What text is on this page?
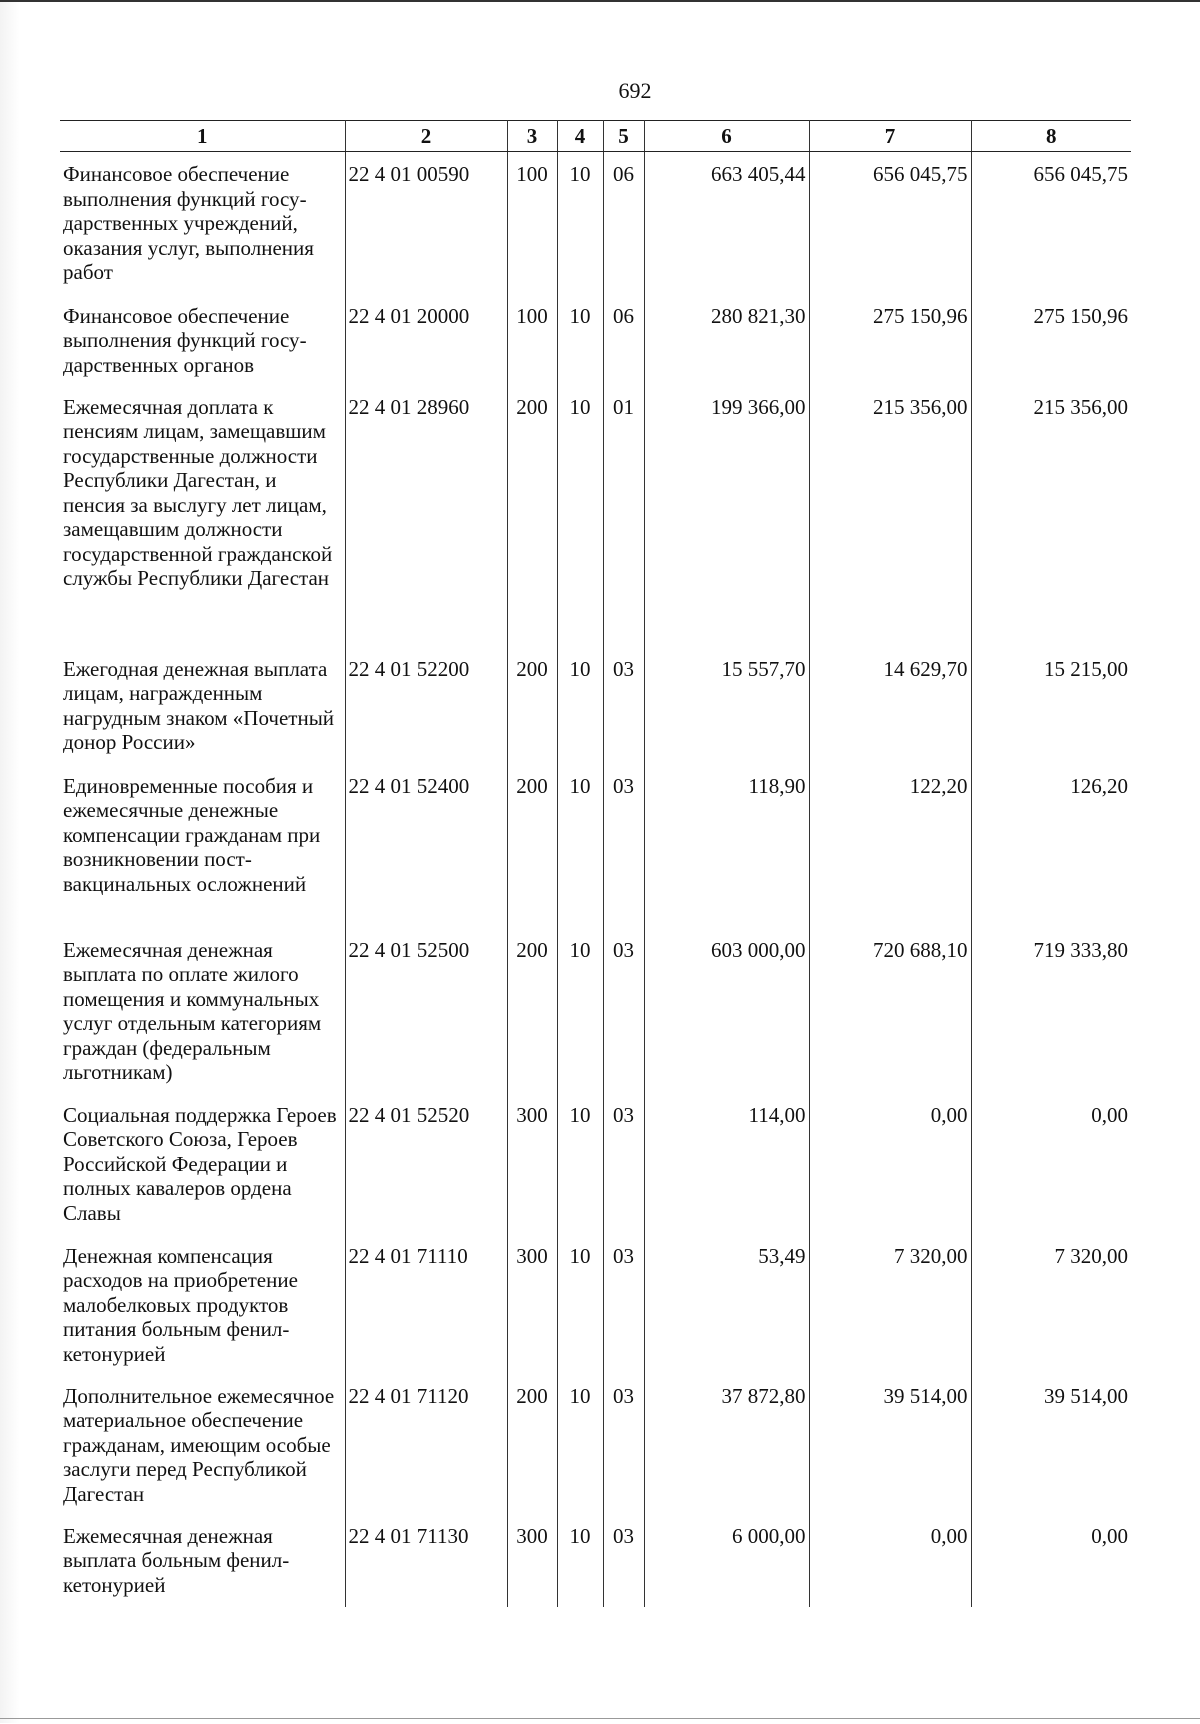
692
1	2	3	4	5	6	7	8
Финансовое обеспечение выполнения функций государственных учреждений, оказания услуг, выполнения работ	22 4 01 00590	100	10	06	663 405,44	656 045,75	656 045,75
Финансовое обеспечение выполнения функций государственных органов	22 4 01 20000	100	10	06	280 821,30	275 150,96	275 150,96
Ежемесячная доплата к пенсиям лицам, замещавшим государственные должности Республики Дагестан, и пенсия за выслугу лет лицам, замещавшим должности государственной гражданской службы Республики Дагестан	22 4 01 28960	200	10	01	199 366,00	215 356,00	215 356,00
Ежегодная денежная выплата лицам, награжденным нагрудным знаком «Почетный донор России»	22 4 01 52200	200	10	03	15 557,70	14 629,70	15 215,00
Единовременные пособия и ежемесячные денежные компенсации гражданам при возникновении поствакцинальных осложнений	22 4 01 52400	200	10	03	118,90	122,20	126,20
Ежемесячная денежная выплата по оплате жилого помещения и коммунальных услуг отдельным категориям граждан (федеральным льготникам)	22 4 01 52500	200	10	03	603 000,00	720 688,10	719 333,80
Социальная поддержка Героев Советского Союза, Героев Российской Федерации и полных кавалеров ордена Славы	22 4 01 52520	300	10	03	114,00	0,00	0,00
Денежная компенсация расходов на приобретение малобелковых продуктов питания больным фенилкетонурией	22 4 01 71110	300	10	03	53,49	7 320,00	7 320,00
Дополнительное ежемесячное материальное обеспечение гражданам, имеющим особые заслуги перед Республикой Дагестан	22 4 01 71120	200	10	03	37 872,80	39 514,00	39 514,00
Ежемесячная денежная выплата больным фенилкетонурией	22 4 01 71130	300	10	03	6 000,00	0,00	0,00
